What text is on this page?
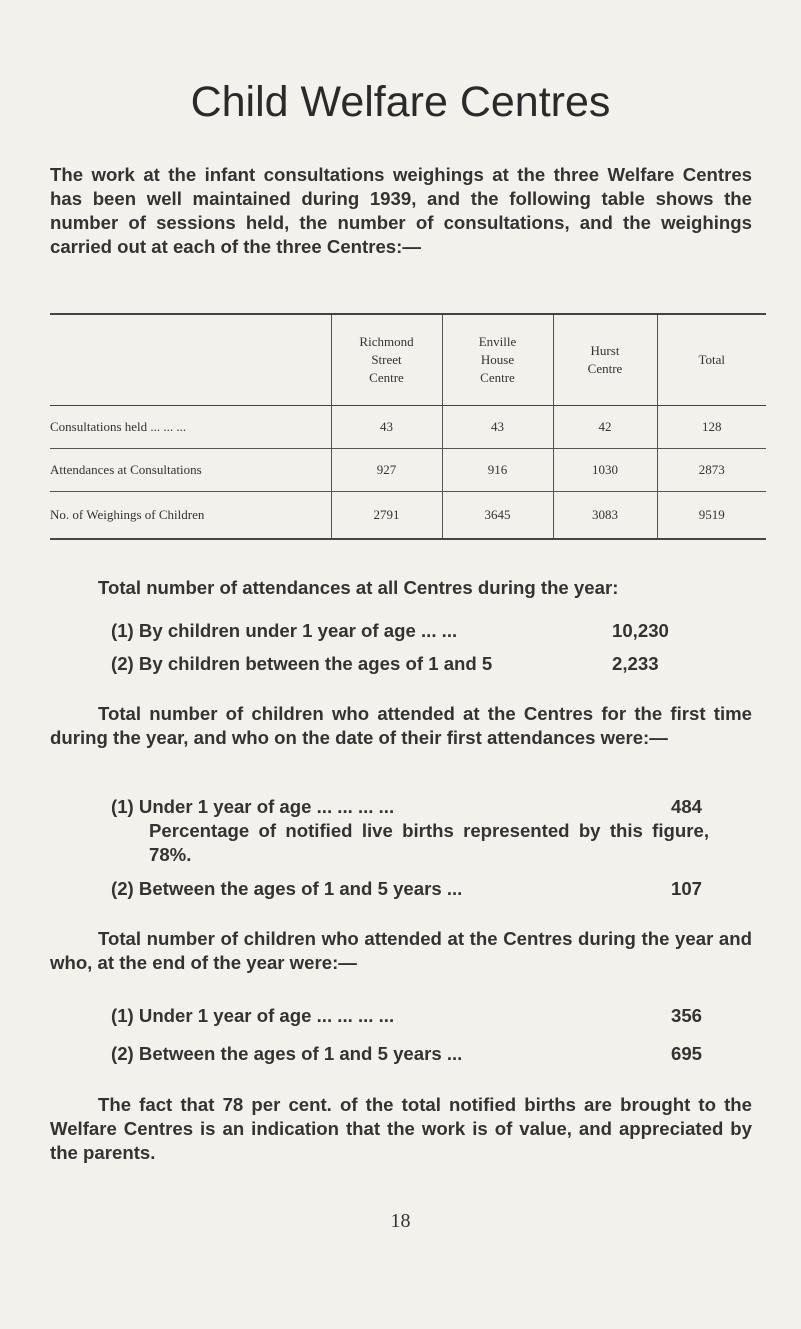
Child Welfare Centres

The work at the infant consultations weighings at the three Welfare Centres has been well maintained during 1939, and the following table shows the number of sessions held, the number of consultations, and the weighings carried out at each of the three Centres:—

	Richmond
Street
Centre	Enville
House
Centre	Hurst
Centre	Total
Consultations held ... ... ...	43	43	42	128
Attendances at Consultations	927	916	1030	2873
No. of Weighings of Children	2791	3645	3083	9519

Total number of attendances at all Centres during the year:

(1) By children under 1 year of age ... ...	10,230

(2) By children between the ages of 1 and 5	2,233

Total number of children who attended at the Centres for the first time during the year, and who on the date of their first attendances were:—

(1) Under 1 year of age ... ... ... ...	484

Percentage of notified live births represented by this figure, 78%.

(2) Between the ages of 1 and 5 years ...	107

Total number of children who attended at the Centres during the year and who, at the end of the year were:—

(1) Under 1 year of age ... ... ... ...	356

(2) Between the ages of 1 and 5 years ...	695

The fact that 78 per cent. of the total notified births are brought to the Welfare Centres is an indication that the work is of value, and appreciated by the parents.

18
